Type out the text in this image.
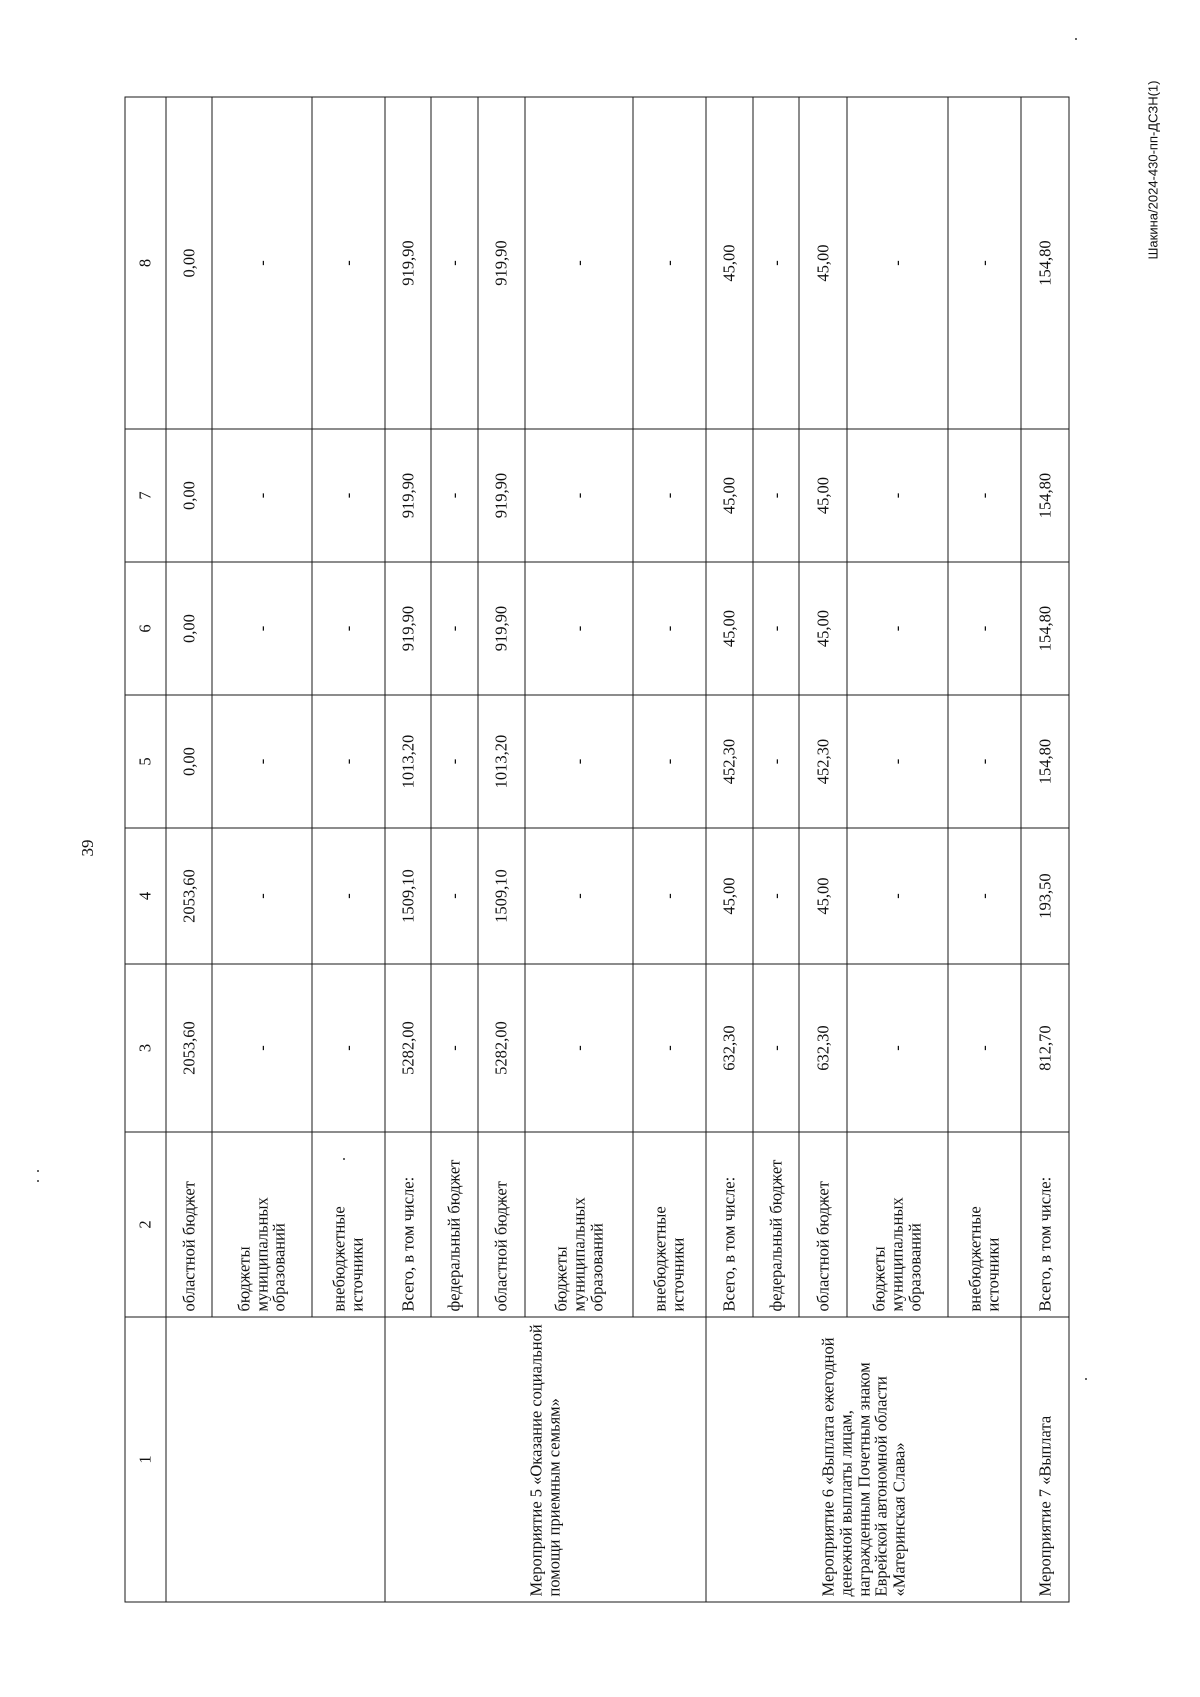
39
Шакина/2024-430-пп-ДСЗН(1)
1	2	3	4	5	6	7	8
	областной бюджет	2053,60	2053,60	0,00	0,00	0,00	0,00
	бюджеты муниципальных образований	-	-	-	-	-	-
	внебюджетные источники	-	-	-	-	-	-
Мероприятие 5 «Оказание социальной помощи приемным семьям»	Всего, в том числе:	5282,00	1509,10	1013,20	919,90	919,90	919,90
	федеральный бюджет	-	-	-	-	-	-
	областной бюджет	5282,00	1509,10	1013,20	919,90	919,90	919,90
	бюджеты муниципальных образований	-	-	-	-	-	-
	внебюджетные источники	-	-	-	-	-	-
Мероприятие 6 «Выплата ежегодной денежной выплаты лицам, награжденным Почетным знаком Еврейской автономной области «Материнская Слава»	Всего, в том числе:	632,30	45,00	452,30	45,00	45,00	45,00
	федеральный бюджет	-	-	-	-	-	-
	областной бюджет	632,30	45,00	452,30	45,00	45,00	45,00
	бюджеты муниципальных образований	-	-	-	-	-	-
	внебюджетные источники	-	-	-	-	-	-
Мероприятие 7 «Выплата	Всего, в том числе:	812,70	193,50	154,80	154,80	154,80	154,80
